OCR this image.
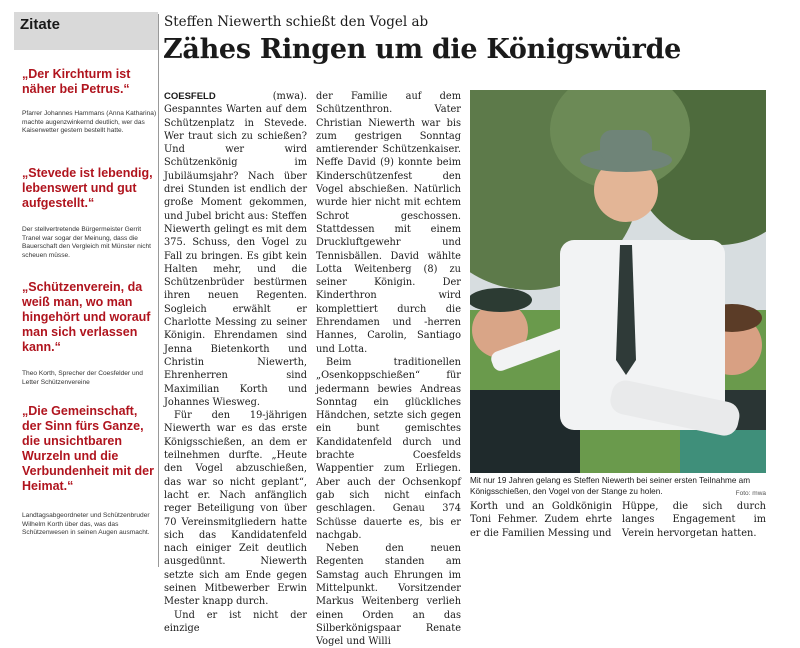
Zitate
„Der Kirchturm ist näher bei Petrus.“
Pfarrer Johannes Hammans (Anna Katharina) machte augenzwinkernd deutlich, wer das Kaiserwetter gestern bestellt hatte.
„Stevede ist lebendig, lebenswert und gut aufgestellt.“
Der stellvertretende Bürgermeister Gerrit Tranel war sogar der Meinung, dass die Bauerschaft den Vergleich mit Münster nicht scheuen müsse.
„Schützenverein, da weiß man, wo man hingehört und worauf man sich verlassen kann.“
Theo Korth, Sprecher der Coesfelder und Letter Schützenvereine
„Die Gemeinschaft, der Sinn fürs Ganze, die unsichtbaren Wurzeln und die Verbundenheit mit der Heimat.“
Landtagsabgeordneter und Schützenbruder Wilhelm Korth über das, was das Schützenwesen in seinen Augen ausmacht.
Steffen Niewerth schießt den Vogel ab
Zähes Ringen um die Königswürde

COESFELD (mwa). Gespanntes Warten auf dem Schützenplatz in Stevede. Wer traut sich zu schießen? Und wer wird Schützenkönig im Jubiläumsjahr? Nach über drei Stunden ist endlich der große Moment gekommen, und Jubel bricht aus: Steffen Niewerth gelingt es mit dem 375. Schuss, den Vogel zu Fall zu bringen. Es gibt kein Halten mehr, und die Schützenbrüder bestürmen ihren neuen Regenten. Sogleich erwählt er Charlotte Messing zu seiner Königin. Ehrendamen sind Jenna Bietenkorth und Christin Niewerth, Ehrenherren sind Maximilian Korth und Johannes Wiesweg.

Für den 19-jährigen Niewerth war es das erste Königsschießen, an dem er teilnehmen durfte. „Heute den Vogel abzuschießen, das war so nicht geplant“, lacht er. Nach anfänglich reger Beteiligung von über 70 Vereinsmitgliedern hatte sich das Kandidatenfeld nach einiger Zeit deutlich ausgedünnt. Niewerth setzte sich am Ende gegen seinen Mitbewerber Erwin Mester knapp durch.

Und er ist nicht der einzige

der Familie auf dem Schützenthron. Vater Christian Niewerth war bis zum gestrigen Sonntag amtierender Schützenkaiser. Neffe David (9) konnte beim Kinderschützenfest den Vogel abschießen. Natürlich wurde hier nicht mit echtem Schrot geschossen. Stattdessen mit einem Druckluftgewehr und Tennisbällen. David wählte Lotta Weitenberg (8) zu seiner Königin. Der Kinderthron wird komplettiert durch die Ehrendamen und -herren Hannes, Carolin, Santiago und Lotta.

Beim traditionellen „Osenkoppschießen“ für jedermann bewies Andreas Sonntag ein glückliches Händchen, setzte sich gegen ein bunt gemischtes Kandidatenfeld durch und brachte Coesfelds Wappentier zum Erliegen. Aber auch der Ochsenkopf gab sich nicht einfach geschlagen. Genau 374 Schüsse dauerte es, bis er nachgab.

Neben den neuen Regenten standen am Samstag auch Ehrungen im Mittelpunkt. Vorsitzender Markus Weitenberg verlieh einen Orden an das Silberkönigspaar Renate Vogel und Willi

Mit nur 19 Jahren gelang es Steffen Niewerth bei seiner ersten Teilnahme am Königsschießen, den Vogel von der Stange zu holen.	Foto: mwa

Korth und an Goldkönigin Toni Fehmer. Zudem ehrte er die Familien Messing und

Hüppe, die sich durch langes Engagement im Verein hervorgetan hatten.
